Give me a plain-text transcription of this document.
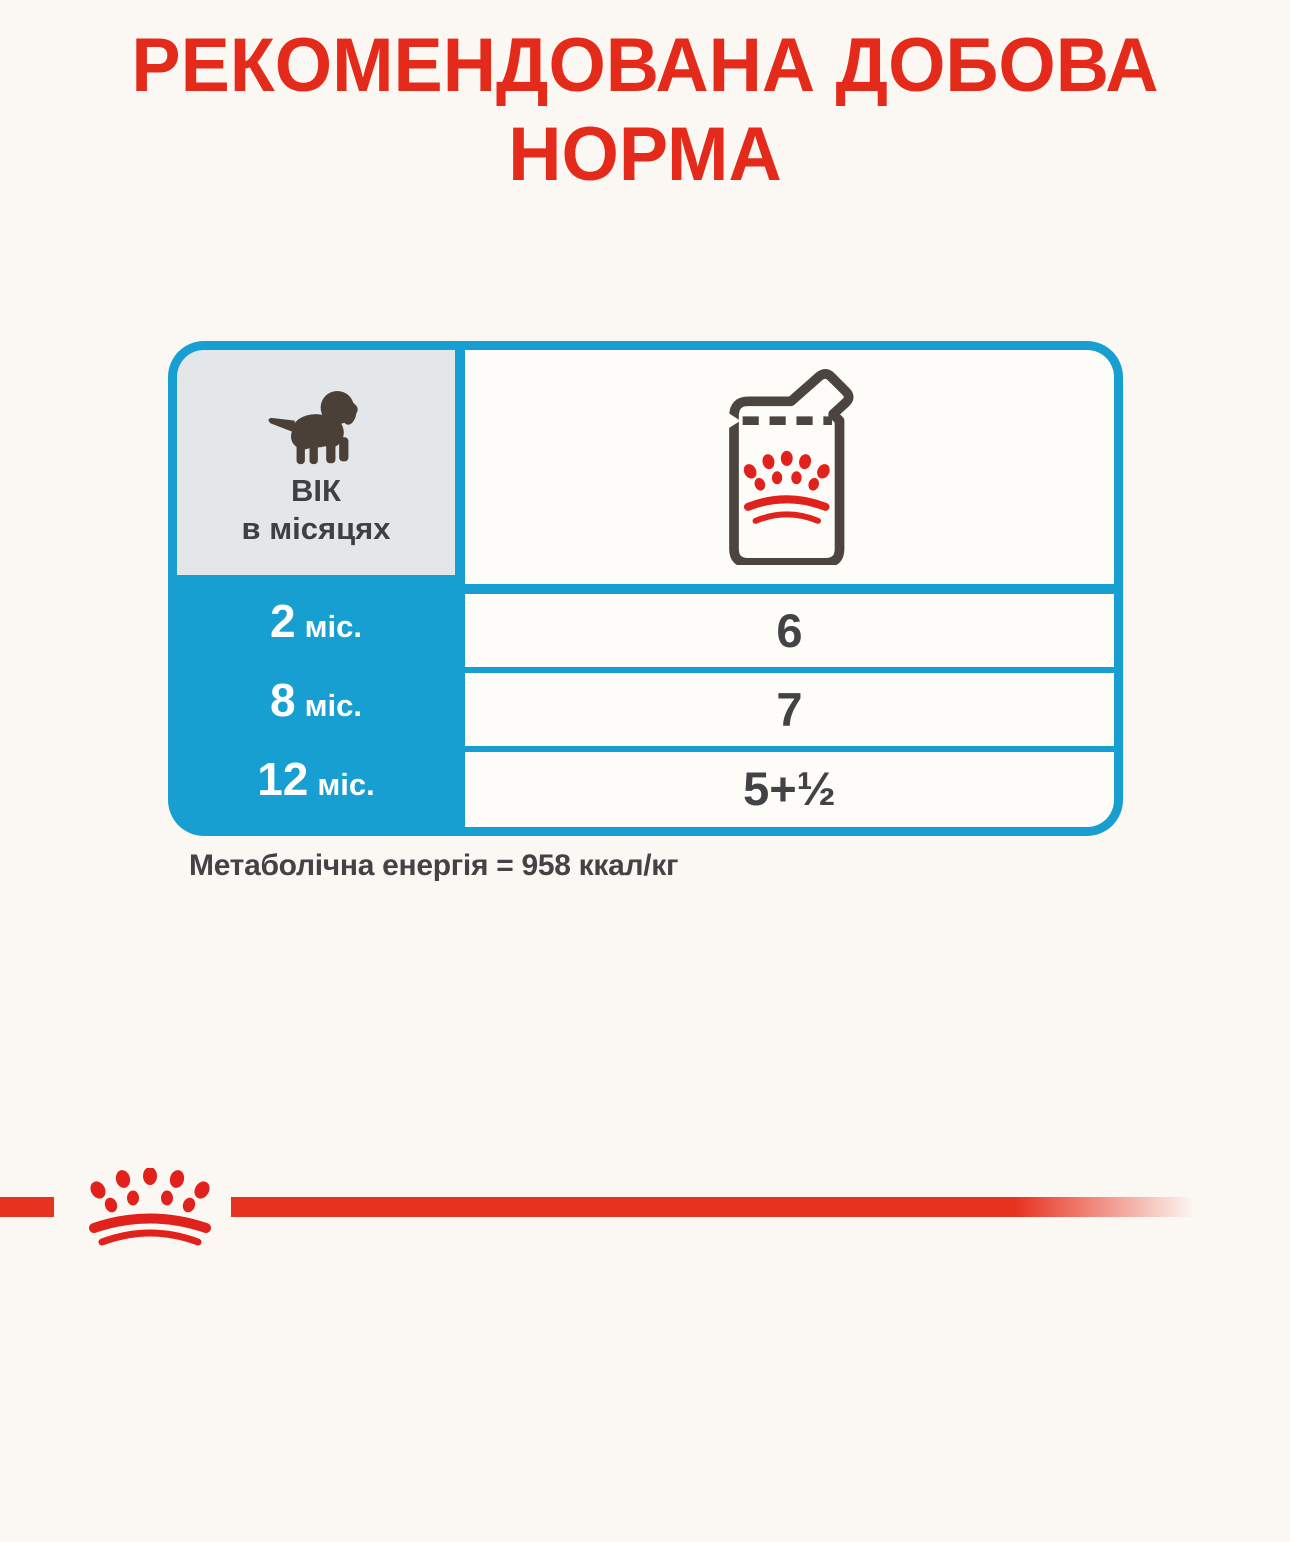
РЕКОМЕНДОВАНА ДОБОВА
НОРМА
ВІК
в місяцях
2 міс.
8 міс.
12 міс.
6
7
5+½
Метаболічна енергія = 958 ккал/кг
